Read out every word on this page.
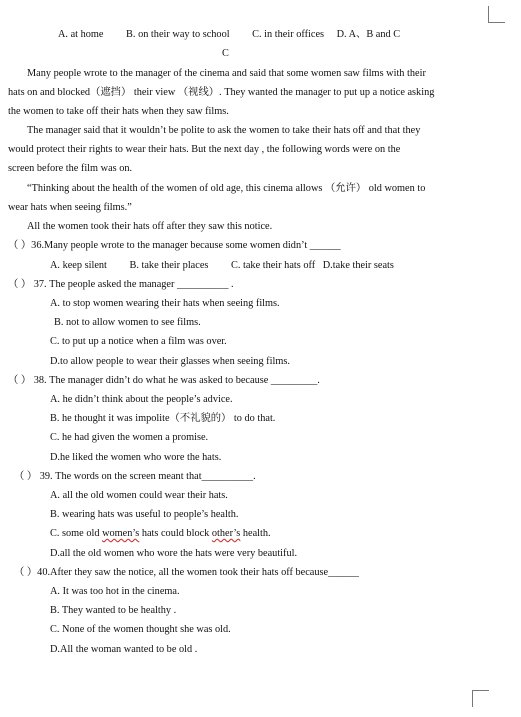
A. at home B. on their way to school C. in their offices D. A、B and C
C
Many people wrote to the manager of the cinema and said that some women saw films with their
hats on and blocked（遮挡） their view （视线）. They wanted the manager to put up a notice asking
the women to take off their hats when they saw films.
The manager said that it wouldn’t be polite to ask the women to take their hats off and that they
would protect their rights to wear their hats. But the next day , the following words were on the
screen before the film was on.
“Thinking about the health of the women of old age, this cinema allows （允许） old women to
wear hats when seeing films.”
All the women took their hats off after they saw this notice.
（ ）36.Many people wrote to the manager because some women didn’t ______
A. keep silent B. take their places C. take their hats off D.take their seats
（ ） 37. The people asked the manager __________ .
A. to stop women wearing their hats when seeing films.
B. not to allow women to see films.
C. to put up a notice when a film was over.
D.to allow people to wear their glasses when seeing films.
（ ） 38. The manager didn’t do what he was asked to because _________.
A. he didn’t think about the people’s advice.
B. he thought it was impolite（不礼貌的） to do that.
C. he had given the women a promise.
D.he liked the women who wore the hats.
（ ） 39. The words on the screen meant that__________.
A. all the old women could wear their hats.
B. wearing hats was useful to people’s health.
C. some old women’s hats could block other’s health.
D.all the old women who wore the hats were very beautiful.
（ ）40.After they saw the notice, all the women took their hats off because______
A. It was too hot in the cinema.
B. They wanted to be healthy .
C. None of the women thought she was old.
D.All the woman wanted to be old .
